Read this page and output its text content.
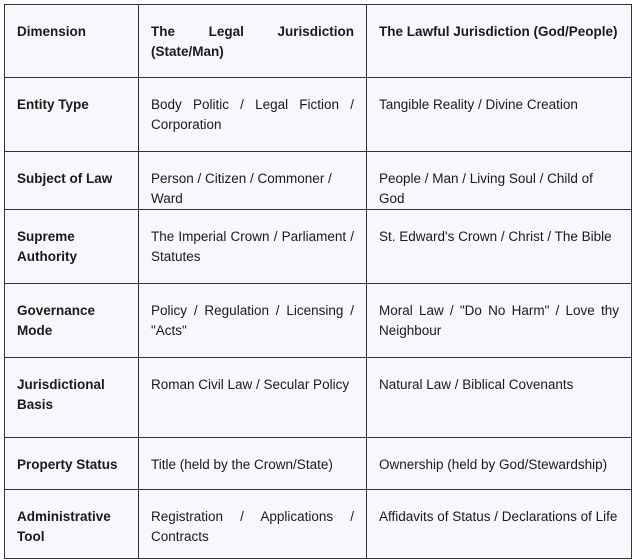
Dimension	The Legal Jurisdiction (State/Man)	The Lawful Jurisdiction (God/People)
Entity Type	Body Politic / Legal Fiction / Corporation	Tangible Reality / Divine Creation
Subject of Law	Person / Citizen / Commoner / Ward	People / Man / Living Soul / Child of God
Supreme Authority	The Imperial Crown / Parliament / Statutes	St. Edward's Crown / Christ / The Bible
Governance Mode	Policy / Regulation / Licensing / "Acts"	Moral Law / "Do No Harm" / Love thy Neighbour
Jurisdictional Basis	Roman Civil Law / Secular Policy	Natural Law / Biblical Covenants
Property Status	Title (held by the Crown/State)	Ownership (held by God/Stewardship)
Administrative Tool	Registration / Applications / Contracts	Affidavits of Status / Declarations of Life
